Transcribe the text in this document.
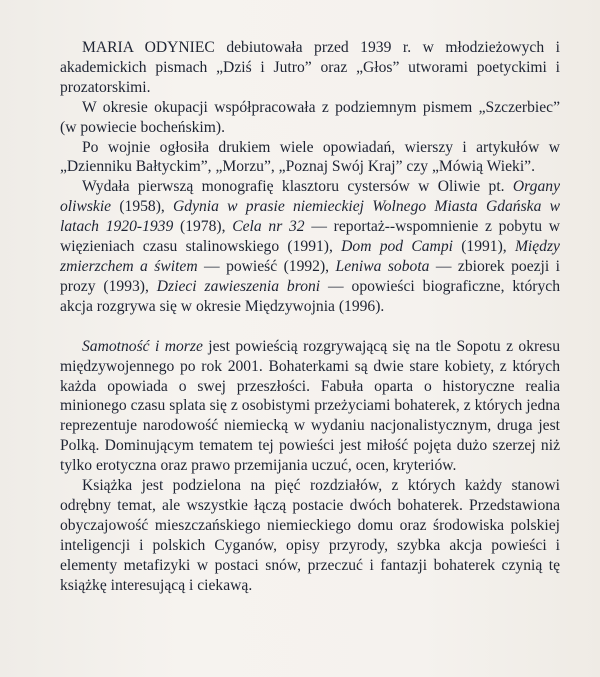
MARIA ODYNIEC debiutowała przed 1939 r. w młodzieżowych i akademickich pismach „Dziś i Jutro” oraz „Głos” utworami poetyckimi i prozatorskimi.

W okresie okupacji współpracowała z podziemnym pismem „Szczerbiec” (w powiecie bocheńskim).

Po wojnie ogłosiła drukiem wiele opowiadań, wierszy i artykułów w „Dzienniku Bałtyckim”, „Morzu”, „Poznaj Swój Kraj” czy „Mówią Wieki”.

Wydała pierwszą monografię klasztoru cystersów w Oliwie pt. Organy oliwskie (1958), Gdynia w prasie niemieckiej Wolnego Miasta Gdańska w latach 1920-1939 (1978), Cela nr 32 — reportaż--wspomnienie z pobytu w więzieniach czasu stalinowskiego (1991), Dom pod Campi (1991), Między zmierzchem a świtem — powieść (1992), Leniwa sobota — zbiorek poezji i prozy (1993), Dzieci zawieszenia broni — opowieści biograficzne, których akcja rozgrywa się w okresie Międzywojnia (1996).

Samotność i morze jest powieścią rozgrywającą się na tle Sopotu z okresu międzywojennego po rok 2001. Bohaterkami są dwie stare kobiety, z których każda opowiada o swej przeszłości. Fabuła oparta o historyczne realia minionego czasu splata się z osobistymi przeżyciami bohaterek, z których jedna reprezentuje narodowość niemiecką w wydaniu nacjonalistycznym, druga jest Polką. Dominującym tematem tej powieści jest miłość pojęta dużo szerzej niż tylko erotyczna oraz prawo przemijania uczuć, ocen, kryteriów.

Książka jest podzielona na pięć rozdziałów, z których każdy stanowi odrębny temat, ale wszystkie łączą postacie dwóch bohaterek. Przedstawiona obyczajowość mieszczańskiego niemieckiego domu oraz środowiska polskiej inteligencji i polskich Cyganów, opisy przyrody, szybka akcja powieści i elementy metafizyki w postaci snów, przeczuć i fantazji bohaterek czynią tę książkę interesującą i ciekawą.
